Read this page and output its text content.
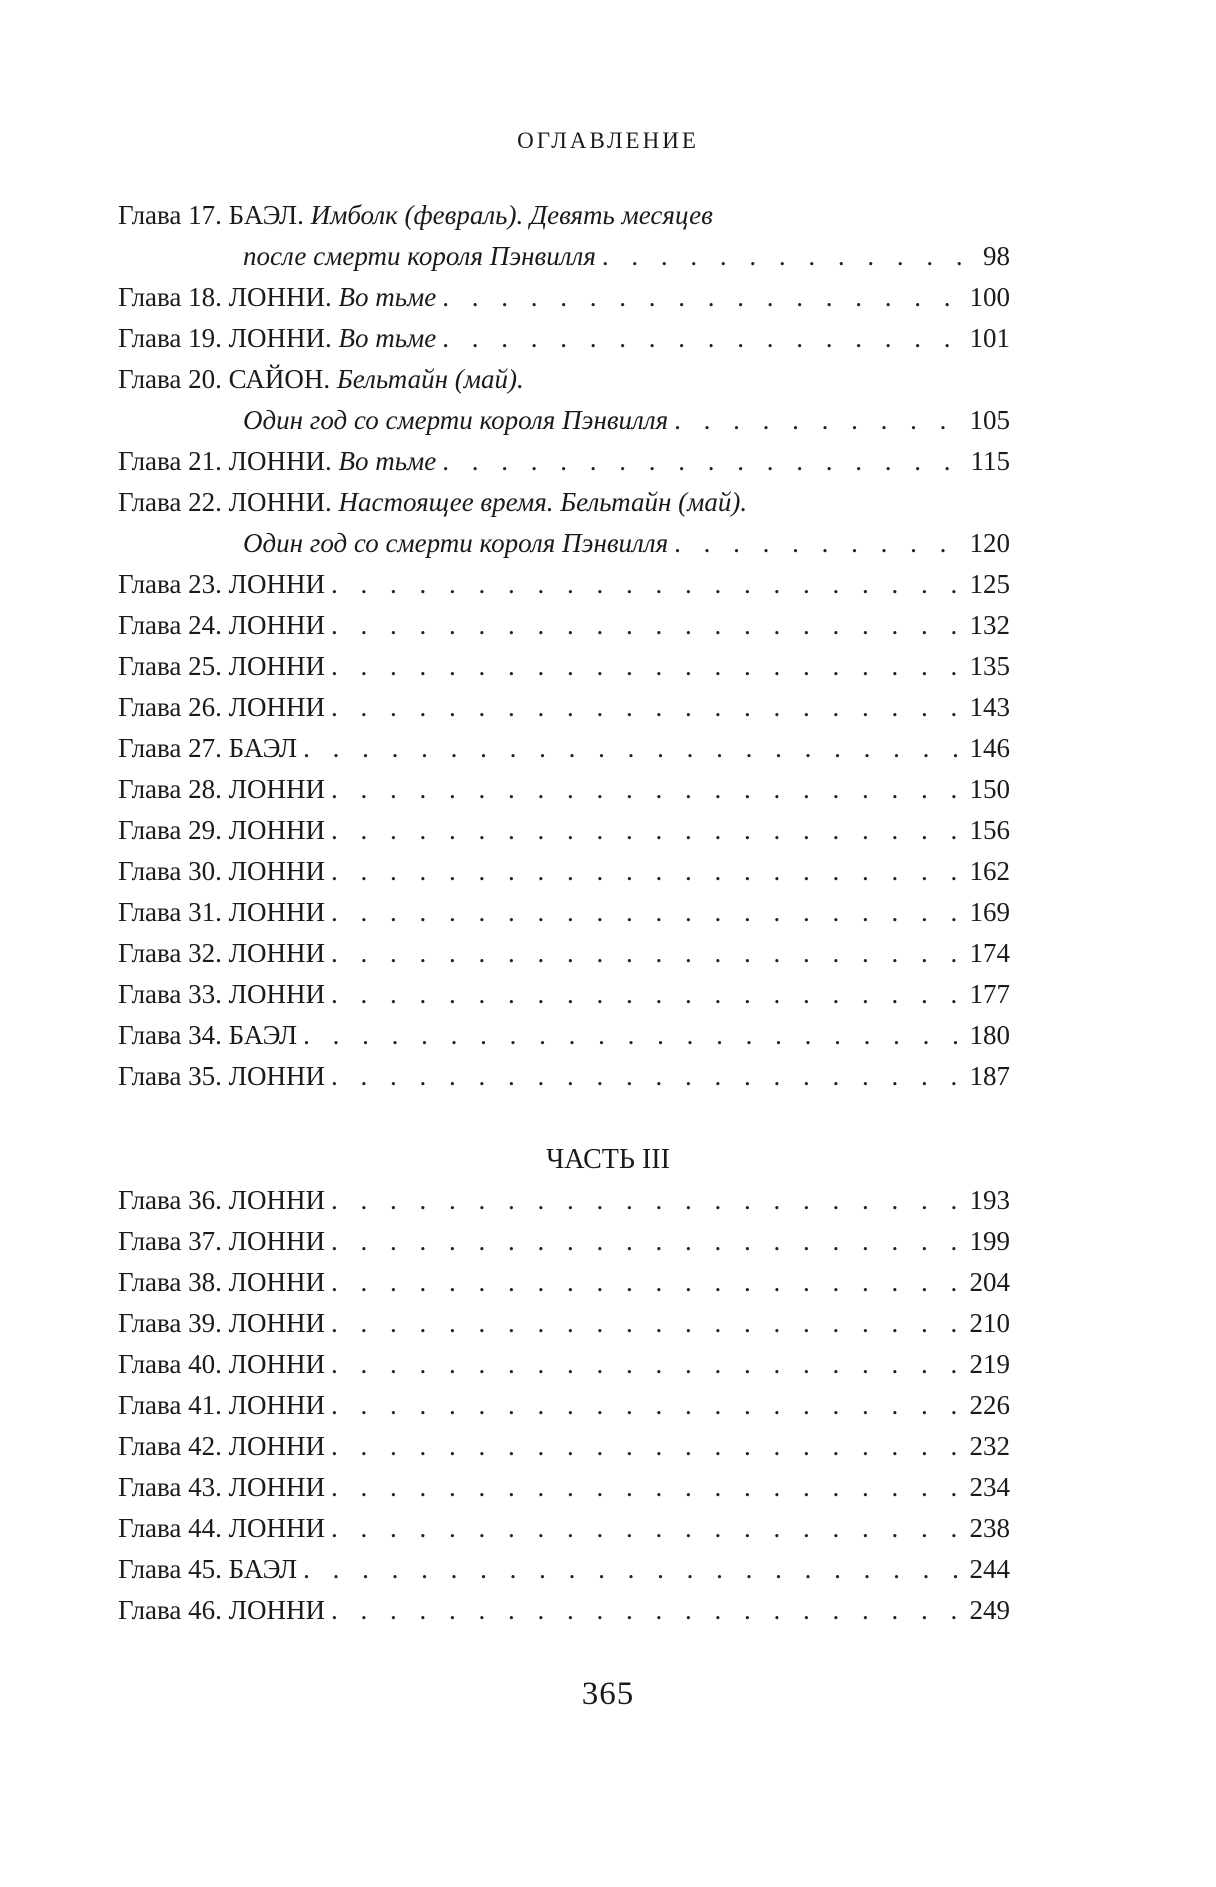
ОГЛАВЛЕНИЕ
Глава 17. БАЭЛ. Имболк (февраль). Девять месяцев
после смерти короля Пэнвилля . . .	98
Глава 18. ЛОННИ. Во тьме . . .	100
Глава 19. ЛОННИ. Во тьме . . .	101
Глава 20. САЙОН. Бельтайн (май).
Один год со смерти короля Пэнвилля . . .	105
Глава 21. ЛОННИ. Во тьме . . .	115
Глава 22. ЛОННИ. Настоящее время. Бельтайн (май).
Один год со смерти короля Пэнвилля . . .	120
Глава 23. ЛОННИ . . .	125
Глава 24. ЛОННИ . . .	132
Глава 25. ЛОННИ . . .	135
Глава 26. ЛОННИ . . .	143
Глава 27. БАЭЛ . . .	146
Глава 28. ЛОННИ . . .	150
Глава 29. ЛОННИ . . .	156
Глава 30. ЛОННИ . . .	162
Глава 31. ЛОННИ . . .	169
Глава 32. ЛОННИ . . .	174
Глава 33. ЛОННИ . . .	177
Глава 34. БАЭЛ . . .	180
Глава 35. ЛОННИ . . .	187
ЧАСТЬ III
Глава 36. ЛОННИ . . .	193
Глава 37. ЛОННИ . . .	199
Глава 38. ЛОННИ . . .	204
Глава 39. ЛОННИ . . .	210
Глава 40. ЛОННИ . . .	219
Глава 41. ЛОННИ . . .	226
Глава 42. ЛОННИ . . .	232
Глава 43. ЛОННИ . . .	234
Глава 44. ЛОННИ . . .	238
Глава 45. БАЭЛ . . .	244
Глава 46. ЛОННИ . . .	249
365
